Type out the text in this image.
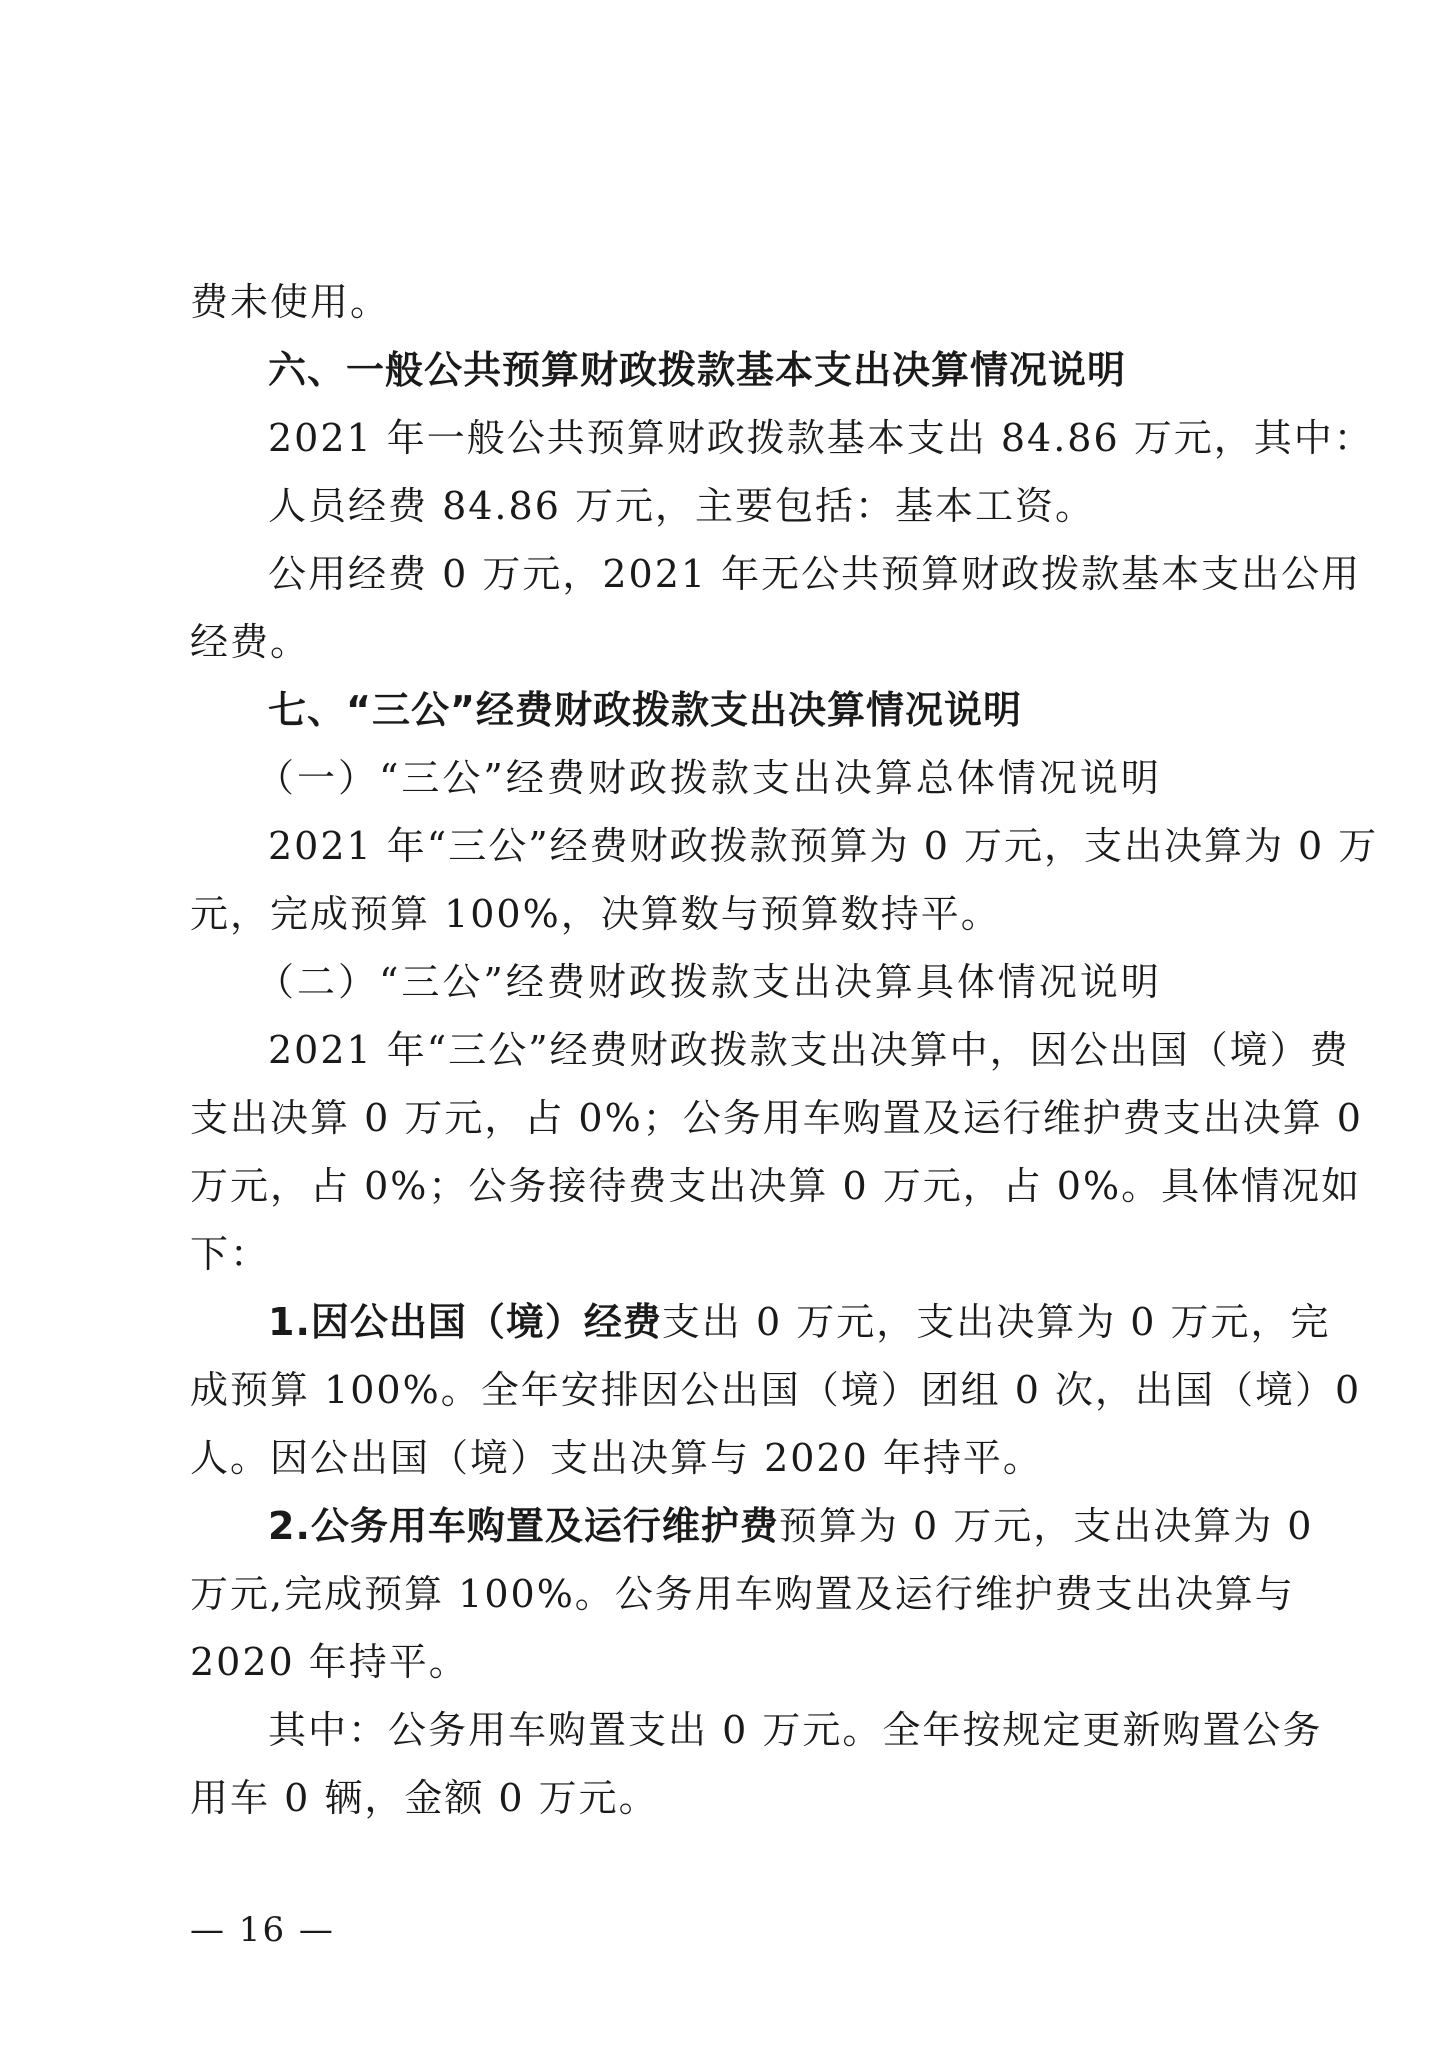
费未使用。
六、一般公共预算财政拨款基本支出决算情况说明
2021 年一般公共预算财政拨款基本支出 84.86 万元，其中：
人员经费 84.86 万元，主要包括：基本工资。
公用经费 0 万元，2021 年无公共预算财政拨款基本支出公用
经费。
七、“三公”经费财政拨款支出决算情况说明
（一）“三公”经费财政拨款支出决算总体情况说明
2021 年“三公”经费财政拨款预算为 0 万元，支出决算为 0 万
元，完成预算 100%，决算数与预算数持平。
（二）“三公”经费财政拨款支出决算具体情况说明
2021 年“三公”经费财政拨款支出决算中，因公出国（境）费
支出决算 0 万元，占 0%；公务用车购置及运行维护费支出决算 0
万元，占 0%；公务接待费支出决算 0 万元，占 0%。具体情况如
下：
1.因公出国（境）经费支出 0 万元，支出决算为 0 万元，完
成预算 100%。全年安排因公出国（境）团组 0 次，出国（境）0
人。因公出国（境）支出决算与 2020 年持平。
2.公务用车购置及运行维护费预算为 0 万元，支出决算为 0
万元,完成预算 100%。公务用车购置及运行维护费支出决算与
2020 年持平。
其中：公务用车购置支出 0 万元。全年按规定更新购置公务
用车 0 辆，金额 0 万元。
— 16 —
